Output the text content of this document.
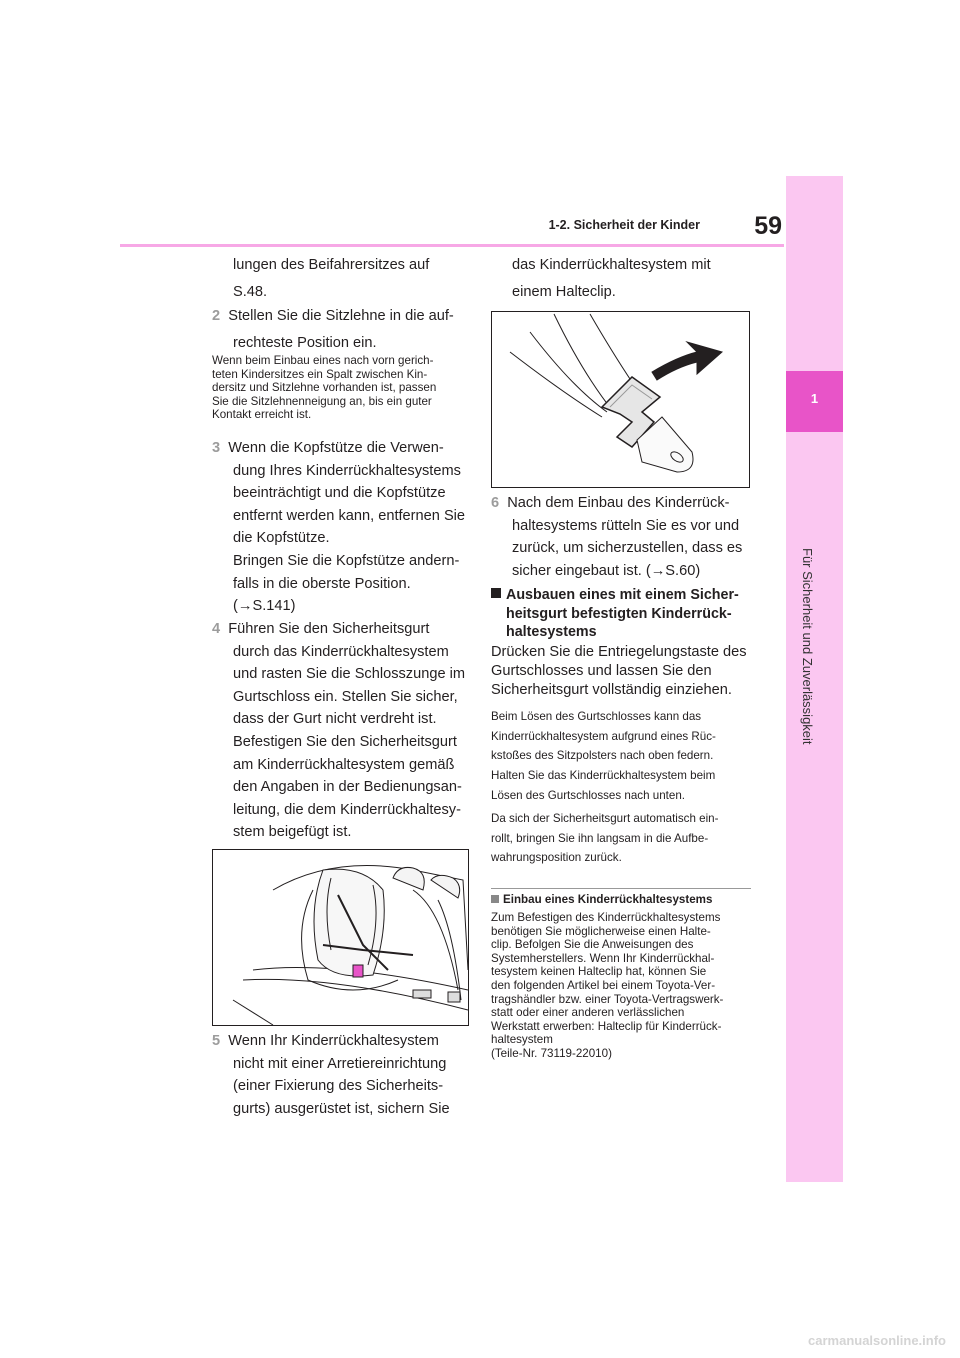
1-2. Sicherheit der Kinder	59
1
Für Sicherheit und Zuverlässigkeit
lungen des Beifahrersitzes auf
S.48.
2 Stellen Sie die Sitzlehne in die auf-
rechteste Position ein.
Wenn beim Einbau eines nach vorn gerich-
teten Kindersitzes ein Spalt zwischen Kin-
dersitz und Sitzlehne vorhanden ist, passen
Sie die Sitzlehnenneigung an, bis ein guter
Kontakt erreicht ist.
3 Wenn die Kopfstütze die Verwen-
dung Ihres Kinderrückhaltesystems
beeinträchtigt und die Kopfstütze
entfernt werden kann, entfernen Sie
die Kopfstütze.
Bringen Sie die Kopfstütze andern-
falls in die oberste Position.
(→S.141)
4 Führen Sie den Sicherheitsgurt
durch das Kinderrückhaltesystem
und rasten Sie die Schlosszunge im
Gurtschloss ein. Stellen Sie sicher,
dass der Gurt nicht verdreht ist.
Befestigen Sie den Sicherheitsgurt
am Kinderrückhaltesystem gemäß
den Angaben in der Bedienungsan-
leitung, die dem Kinderrückhaltesy-
stem beigefügt ist.
5 Wenn Ihr Kinderrückhaltesystem
nicht mit einer Arretiereinrichtung
(einer Fixierung des Sicherheits-
gurts) ausgerüstet ist, sichern Sie
das Kinderrückhaltesystem mit
einem Halteclip.
6 Nach dem Einbau des Kinderrück-
haltesystems rütteln Sie es vor und
zurück, um sicherzustellen, dass es
sicher eingebaut ist. (→S.60)
Ausbauen eines mit einem Sicher-
heitsgurt befestigten Kinderrück-
haltesystems
Drücken Sie die Entriegelungstaste des
Gurtschlosses und lassen Sie den
Sicherheitsgurt vollständig einziehen.
Beim Lösen des Gurtschlosses kann das
Kinderrückhaltesystem aufgrund eines Rüc-
kstoßes des Sitzpolsters nach oben federn.
Halten Sie das Kinderrückhaltesystem beim
Lösen des Gurtschlosses nach unten.
Da sich der Sicherheitsgurt automatisch ein-
rollt, bringen Sie ihn langsam in die Aufbe-
wahrungsposition zurück.
Einbau eines Kinderrückhaltesystems
Zum Befestigen des Kinderrückhaltesystems
benötigen Sie möglicherweise einen Halte-
clip. Befolgen Sie die Anweisungen des
Systemherstellers. Wenn Ihr Kinderrückhal-
tesystem keinen Halteclip hat, können Sie
den folgenden Artikel bei einem Toyota-Ver-
tragshändler bzw. einer Toyota-Vertragswerk-
statt oder einer anderen verlässlichen
Werkstatt erwerben: Halteclip für Kinderrück-
haltesystem
(Teile-Nr. 73119-22010)
carmanualsonline.info
